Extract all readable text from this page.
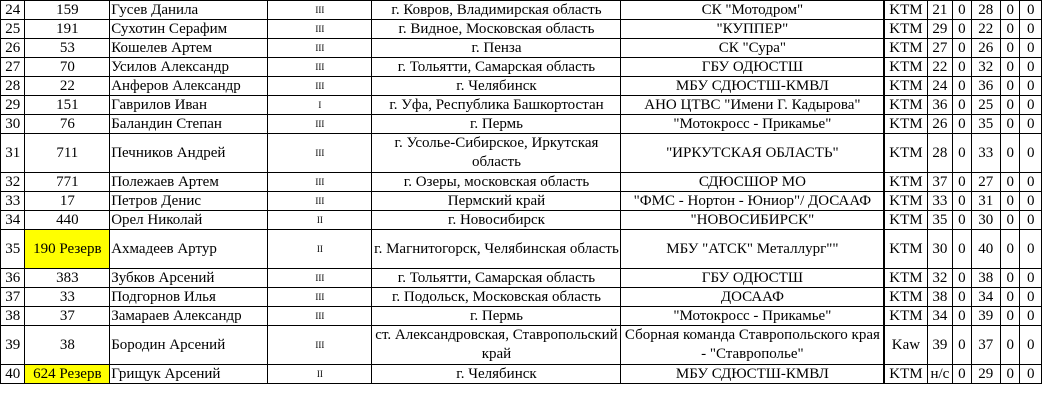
24	159	Гусев Данила	III	г. Ковров, Владимирская область	СК "Мотодром"	KTM	21	0	28	0	0
25	191	Сухотин Серафим	III	г. Видное, Московская область	"КУППЕР"	KTM	29	0	22	0	0
26	53	Кошелев Артем	III	г. Пенза	СК "Сура"	KTM	27	0	26	0	0
27	70	Усилов Александр	III	г. Тольятти, Самарская область	ГБУ ОДЮСТШ	KTM	22	0	32	0	0
28	22	Анферов Александр	III	г. Челябинск	МБУ СДЮСТШ-КМВЛ	KTM	24	0	36	0	0
29	151	Гаврилов Иван	I	г. Уфа, Республика Башкортостан	АНО ЦТВС "Имени Г. Кадырова"	KTM	36	0	25	0	0
30	76	Баландин Степан	III	г. Пермь	"Мотокросс - Прикамье"	KTM	26	0	35	0	0
31	711	Печников Андрей	III	г. Усолье-Сибирское, Иркутская область	"ИРКУТСКАЯ ОБЛАСТЬ"	KTM	28	0	33	0	0
32	771	Полежаев Артем	III	г. Озеры, московская область	СДЮСШОР МО	KTM	37	0	27	0	0
33	17	Петров Денис	III	Пермский край	"ФМС - Нортон - Юниор"/ ДОСААФ	KTM	33	0	31	0	0
34	440	Орел Николай	II	г. Новосибирск	"НОВОСИБИРСК"	KTM	35	0	30	0	0
35	190 Резерв	Ахмадеев Артур	II	г. Магнитогорск, Челябинская область	МБУ "АТСК" Металлург""	KTM	30	0	40	0	0
36	383	Зубков Арсений	III	г. Тольятти, Самарская область	ГБУ ОДЮСТШ	KTM	32	0	38	0	0
37	33	Подгорнов Илья	III	г. Подольск, Московская область	ДОСААФ	KTM	38	0	34	0	0
38	37	Замараев Александр	III	г. Пермь	"Мотокросс - Прикамье"	KTM	34	0	39	0	0
39	38	Бородин Арсений	III	ст. Александровская, Ставропольский край	Сборная команда Ставропольского края - "Ставрополье"	Kaw	39	0	37	0	0
40	624 Резерв	Грищук Арсений	II	г. Челябинск	МБУ СДЮСТШ-КМВЛ	KTM	н/с	0	29	0	0
